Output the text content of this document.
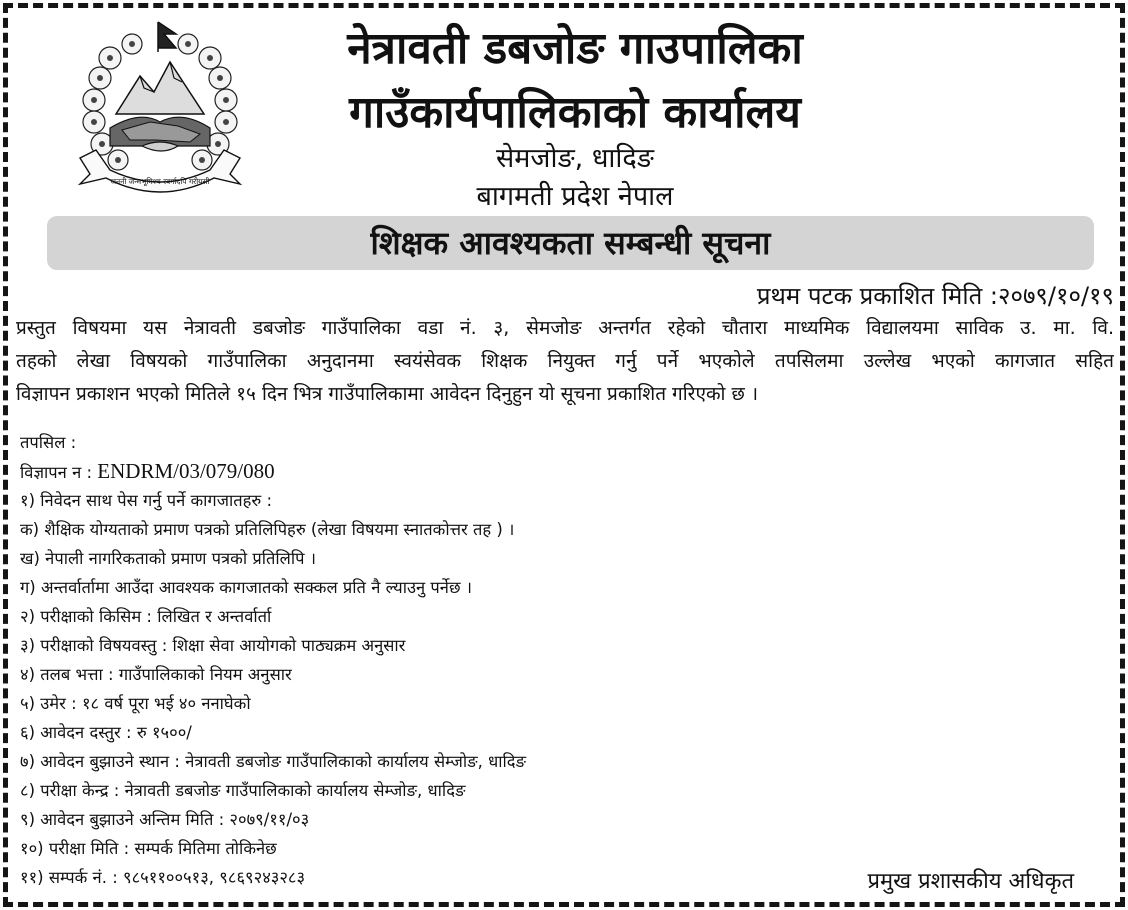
जननी जन्मभूमिश्च स्वर्गादपि गरीयसी
नेत्रावती डबजोङ गाउपालिका
गाउँकार्यपालिकाको कार्यालय
सेमजोङ, धादिङ
बागमती प्रदेश नेपाल
शिक्षक आवश्यकता सम्बन्धी सूचना
प्रथम पटक प्रकाशित मिति :२०७९/१०/१९
प्रस्तुत विषयमा यस नेत्रावती डबजोङ गाउँपालिका वडा नं. ३, सेमजोङ अन्तर्गत रहेको चौतारा माध्यमिक विद्यालयमा साविक उ. मा. वि.
तहको लेखा विषयको गाउँपालिका अनुदानमा स्वयंसेवक शिक्षक नियुक्त गर्नु पर्ने भएकोले तपसिलमा उल्लेख भएको कागजात सहित
विज्ञापन प्रकाशन भएको मितिले १५ दिन भित्र गाउँपालिकामा आवेदन दिनुहुन यो सूचना प्रकाशित गरिएको छ ।
तपसिल :
विज्ञापन न : ENDRM/03/079/080
१) निवेदन साथ पेस गर्नु पर्ने कागजातहरु :
क) शैक्षिक योग्यताको प्रमाण पत्रको प्रतिलिपिहरु (लेखा विषयमा स्नातकोत्तर तह ) ।
ख) नेपाली नागरिकताको प्रमाण पत्रको प्रतिलिपि ।
ग) अन्तर्वार्तामा आउँदा आवश्यक कागजातको सक्कल प्रति नै ल्याउनु पर्नेछ ।
२) परीक्षाको किसिम : लिखित र अन्तर्वार्ता
३) परीक्षाको विषयवस्तु : शिक्षा सेवा आयोगको पाठ्यक्रम अनुसार
४) तलब भत्ता : गाउँपालिकाको नियम अनुसार
५) उमेर : १८ वर्ष पूरा भई ४० ननाघेको
६) आवेदन दस्तुर : रु १५००/
७) आवेदन बुझाउने स्थान : नेत्रावती डबजोङ गाउँपालिकाको कार्यालय सेम्जोङ, धादिङ
८) परीक्षा केन्द्र : नेत्रावती डबजोङ गाउँपालिकाको कार्यालय सेम्जोङ, धादिङ
९) आवेदन बुझाउने अन्तिम मिति : २०७९/११/०३
१०) परीक्षा मिति : सम्पर्क मितिमा तोकिनेछ
११) सम्पर्क नं. : ९८५११००५१३, ९८६९२४३२८३	प्रमुख प्रशासकीय अधिकृत
